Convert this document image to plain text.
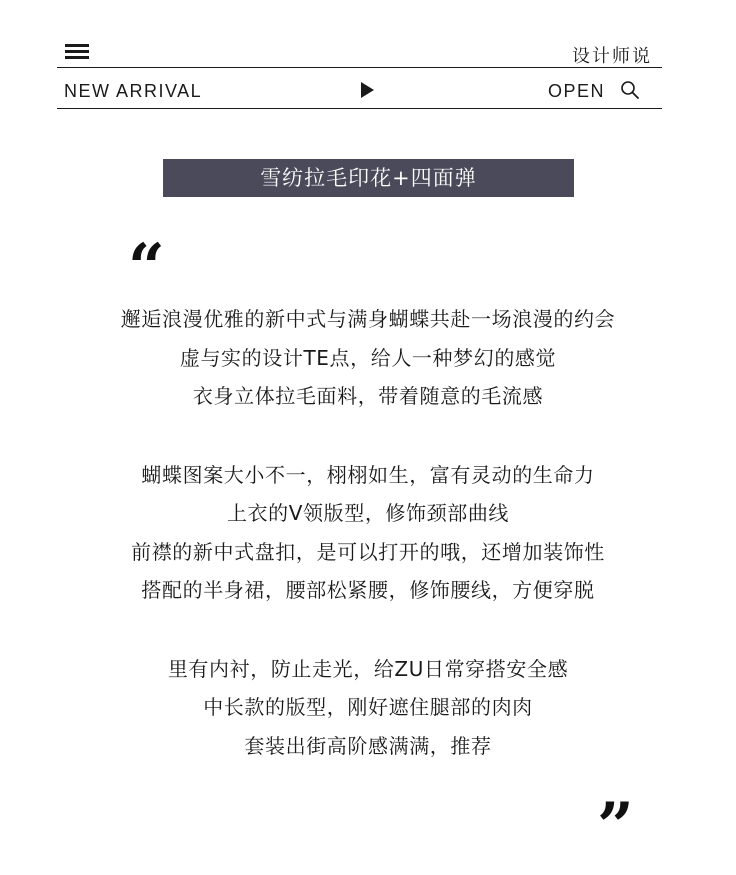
设计师说
NEW ARRIVAL	OPEN
雪纺拉毛印花+四面弹
“
邂逅浪漫优雅的新中式与满身蝴蝶共赴一场浪漫的约会
虚与实的设计TE点，给人一种梦幻的感觉
衣身立体拉毛面料，带着随意的毛流感
蝴蝶图案大小不一，栩栩如生，富有灵动的生命力
上衣的V领版型，修饰颈部曲线
前襟的新中式盘扣，是可以打开的哦，还增加装饰性
搭配的半身裙，腰部松紧腰，修饰腰线，方便穿脱
里有内衬，防止走光，给ZU日常穿搭安全感
中长款的版型，刚好遮住腿部的肉肉
套装出街高阶感满满，推荐
”
